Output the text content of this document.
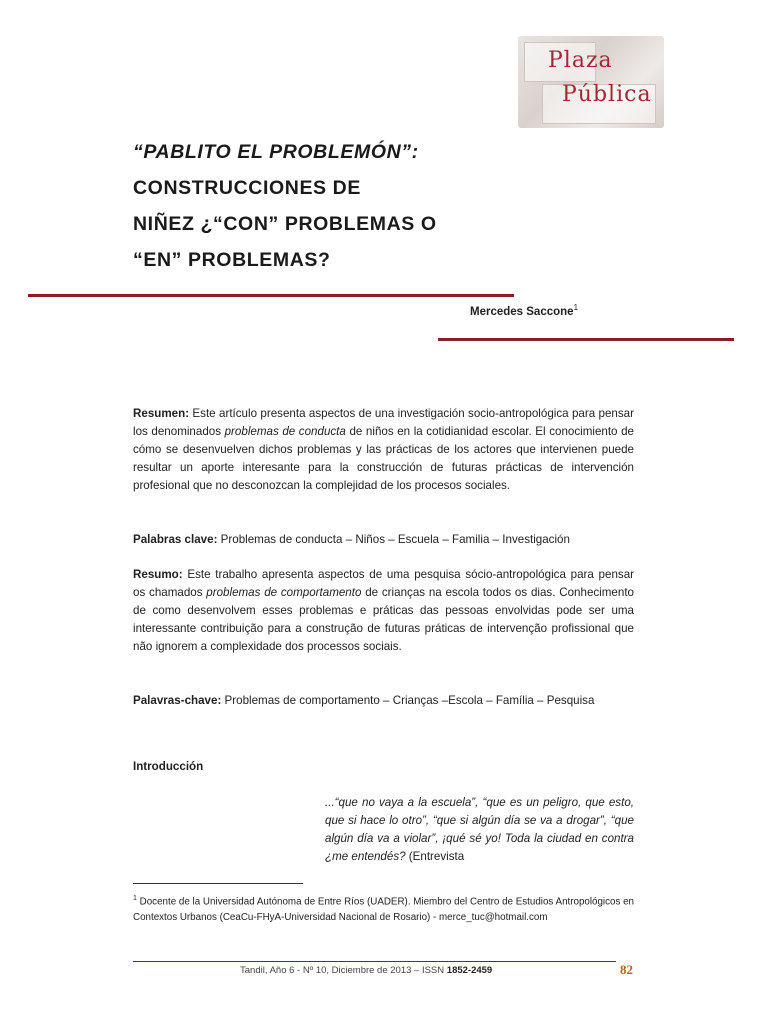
Plaza
Pública
“PABLITO EL PROBLEMÓN”:
CONSTRUCCIONES DE
NIÑEZ ¿“CON” PROBLEMAS O
“EN” PROBLEMAS?
Mercedes Saccone$^1$
Resumen: Este artículo presenta aspectos de una investigación socio-antropológica para pensar los denominados problemas de conducta de niños en la cotidianidad escolar. El conocimiento de cómo se desenvuelven dichos problemas y las prácticas de los actores que intervienen puede resultar un aporte interesante para la construcción de futuras prácticas de intervención profesional que no desconozcan la complejidad de los procesos sociales.
Palabras clave: Problemas de conducta – Niños – Escuela – Familia – Investigación
Resumo: Este trabalho apresenta aspectos de uma pesquisa sócio-antropológica para pensar os chamados problemas de comportamento de crianças na escola todos os dias. Conhecimento de como desenvolvem esses problemas e práticas das pessoas envolvidas pode ser uma interessante contribuição para a construção de futuras práticas de intervenção profissional que não ignorem a complexidade dos processos sociais.
Palavras-chave: Problemas de comportamento – Crianças –Escola – Família – Pesquisa
Introducción
...“que no vaya a la escuela”, “que es un peligro, que esto, que si hace lo otro”, “que si algún día se va a drogar”, “que algún día va a violar”, ¡qué sé yo! Toda la ciudad en contra ¿me entendés? (Entrevista
$^1$ Docente de la Universidad Autónoma de Entre Ríos (UADER). Miembro del Centro de Estudios Antropológicos en Contextos Urbanos (CeaCu-FHyA-Universidad Nacional de Rosario) - merce_tuc@hotmail.com
Tandil, Año 6 - Nº 10, Diciembre de 2013 – ISSN 1852-2459	82
